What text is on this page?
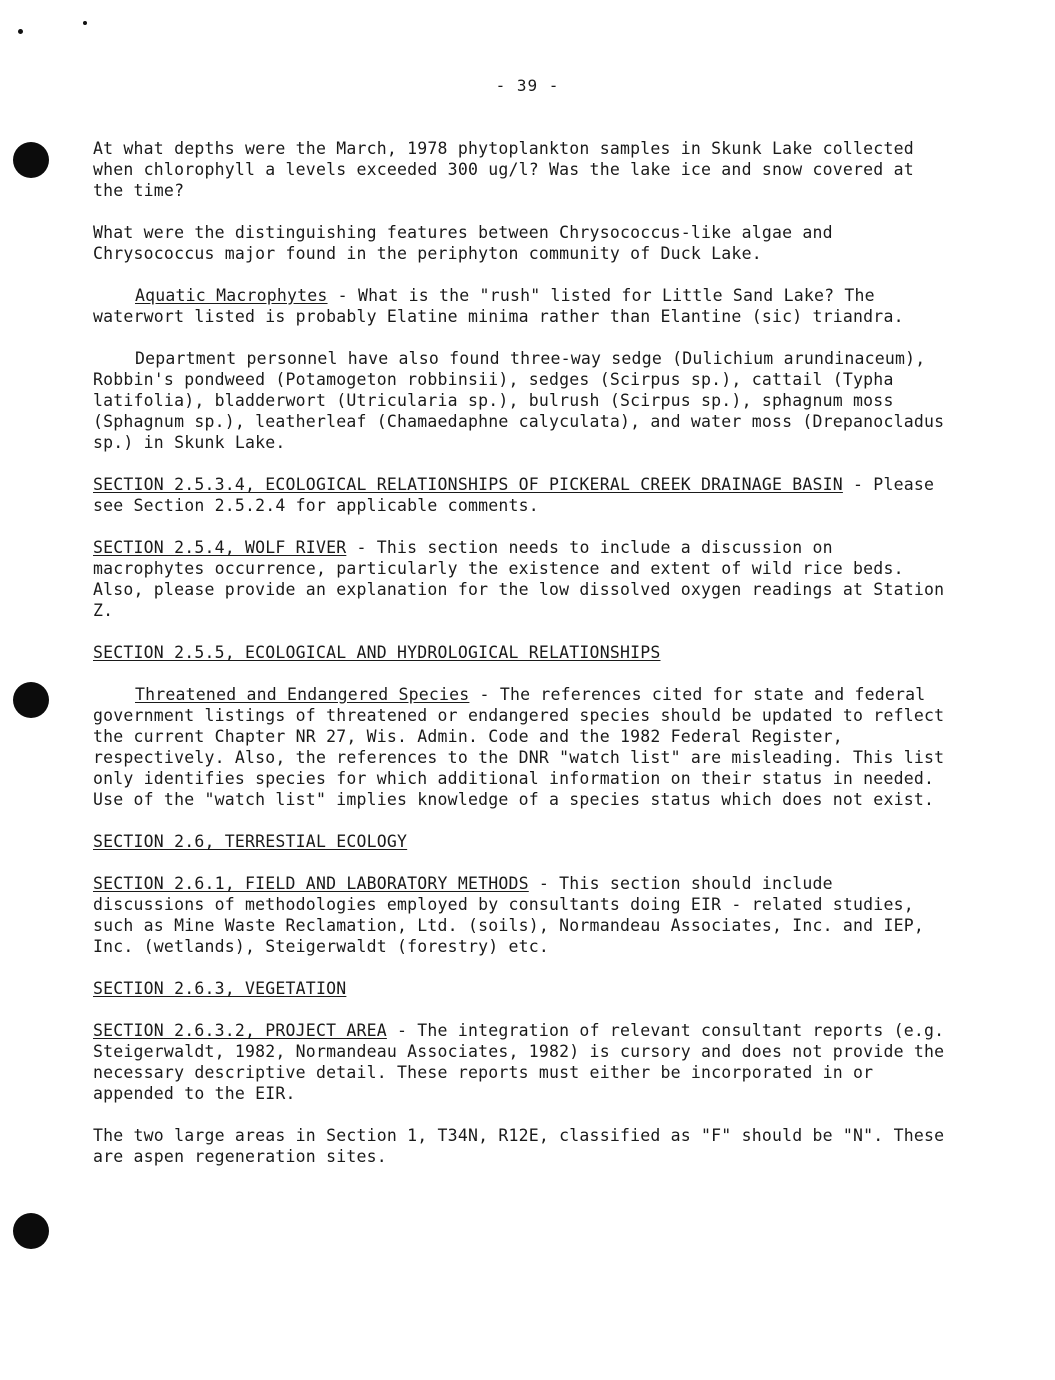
- 39 -

At what depths were the March, 1978 phytoplankton samples in Skunk Lake collected when chlorophyll a levels exceeded 300 ug/l? Was the lake ice and snow covered at the time?

What were the distinguishing features between Chrysococcus-like algae and Chrysococcus major found in the periphyton community of Duck Lake.

Aquatic Macrophytes - What is the "rush" listed for Little Sand Lake? The waterwort listed is probably Elatine minima rather than Elantine (sic) triandra.

Department personnel have also found three-way sedge (Dulichium arundinaceum), Robbin's pondweed (Potamogeton robbinsii), sedges (Scirpus sp.), cattail (Typha latifolia), bladderwort (Utricularia sp.), bulrush (Scirpus sp.), sphagnum moss (Sphagnum sp.), leatherleaf (Chamaedaphne calyculata), and water moss (Drepanocladus sp.) in Skunk Lake.

SECTION 2.5.3.4, ECOLOGICAL RELATIONSHIPS OF PICKERAL CREEK DRAINAGE BASIN - Please see Section 2.5.2.4 for applicable comments.

SECTION 2.5.4, WOLF RIVER - This section needs to include a discussion on macrophytes occurrence, particularly the existence and extent of wild rice beds. Also, please provide an explanation for the low dissolved oxygen readings at Station Z.

SECTION 2.5.5, ECOLOGICAL AND HYDROLOGICAL RELATIONSHIPS

Threatened and Endangered Species - The references cited for state and federal government listings of threatened or endangered species should be updated to reflect the current Chapter NR 27, Wis. Admin. Code and the 1982 Federal Register, respectively. Also, the references to the DNR "watch list" are misleading. This list only identifies species for which additional information on their status in needed. Use of the "watch list" implies knowledge of a species status which does not exist.

SECTION 2.6, TERRESTIAL ECOLOGY

SECTION 2.6.1, FIELD AND LABORATORY METHODS - This section should include discussions of methodologies employed by consultants doing EIR - related studies, such as Mine Waste Reclamation, Ltd. (soils), Normandeau Associates, Inc. and IEP, Inc. (wetlands), Steigerwaldt (forestry) etc.

SECTION 2.6.3, VEGETATION

SECTION 2.6.3.2, PROJECT AREA - The integration of relevant consultant reports (e.g. Steigerwaldt, 1982, Normandeau Associates, 1982) is cursory and does not provide the necessary descriptive detail. These reports must either be incorporated in or appended to the EIR.

The two large areas in Section 1, T34N, R12E, classified as "F" should be "N". These are aspen regeneration sites.
